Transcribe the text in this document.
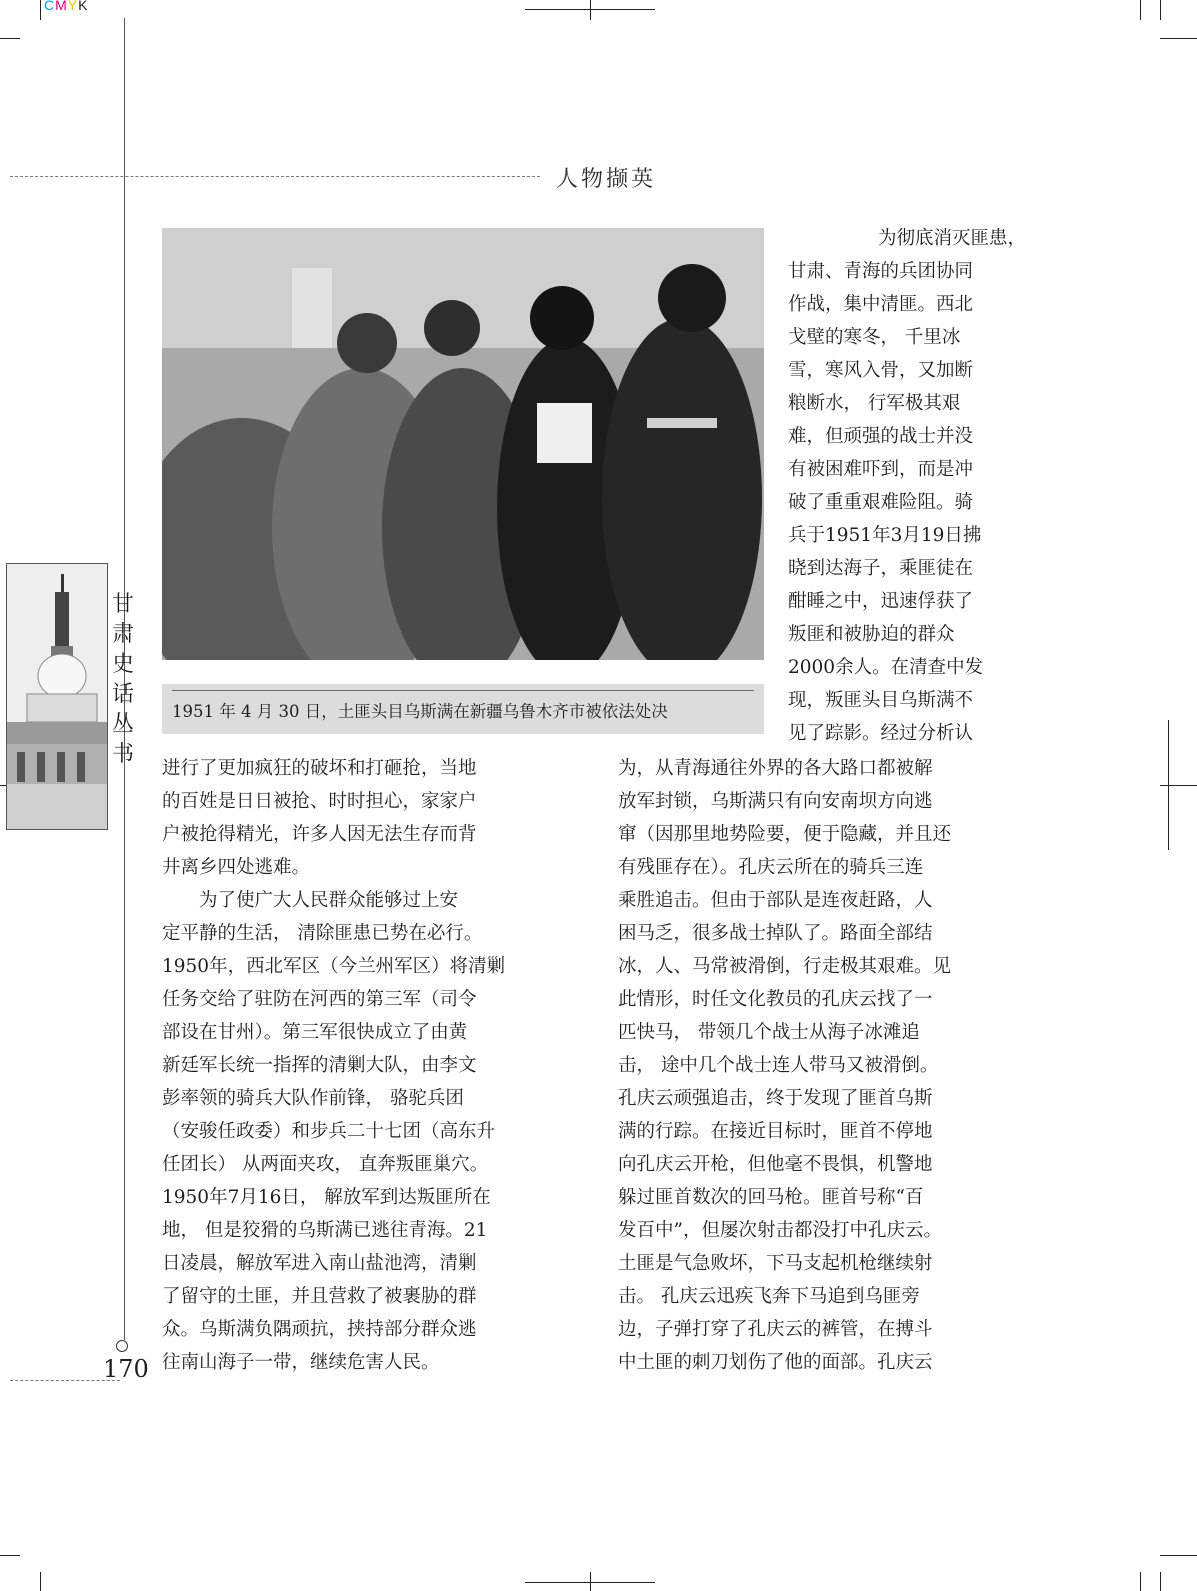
CMYK
人物撷英
1951 年 4 月 30 日，土匪头目乌斯满在新疆乌鲁木齐市被依法处决

为彻底消灭匪患，

甘肃、青海的兵团协同

作战，集中清匪。西北

戈壁的寒冬， 千里冰

雪，寒风入骨，又加断

粮断水， 行军极其艰

难，但顽强的战士并没

有被困难吓到，而是冲

破了重重艰难险阻。骑

兵于1951年3月19日拂

晓到达海子，乘匪徒在

酣睡之中，迅速俘获了

叛匪和被胁迫的群众

2000余人。在清查中发

现，叛匪头目乌斯满不

见了踪影。经过分析认

进行了更加疯狂的破坏和打砸抢，当地

的百姓是日日被抢、时时担心，家家户

户被抢得精光，许多人因无法生存而背

井离乡四处逃难。

　　为了使广大人民群众能够过上安

定平静的生活， 清除匪患已势在必行。

1950年，西北军区（今兰州军区）将清剿

任务交给了驻防在河西的第三军（司令

部设在甘州）。第三军很快成立了由黄

新廷军长统一指挥的清剿大队，由李文

彭率领的骑兵大队作前锋， 骆驼兵团

（安骏任政委）和步兵二十七团（高东升

任团长） 从两面夹攻， 直奔叛匪巢穴。

1950年7月16日， 解放军到达叛匪所在

地， 但是狡猾的乌斯满已逃往青海。21

日凌晨，解放军进入南山盐池湾，清剿

了留守的土匪，并且营救了被裹胁的群

众。乌斯满负隅顽抗，挟持部分群众逃

往南山海子一带，继续危害人民。

为，从青海通往外界的各大路口都被解

放军封锁，乌斯满只有向安南坝方向逃

窜（因那里地势险要，便于隐藏，并且还

有残匪存在）。孔庆云所在的骑兵三连

乘胜追击。但由于部队是连夜赶路，人

困马乏，很多战士掉队了。路面全部结

冰，人、马常被滑倒，行走极其艰难。见

此情形，时任文化教员的孔庆云找了一

匹快马， 带领几个战士从海子冰滩追

击， 途中几个战士连人带马又被滑倒。

孔庆云顽强追击，终于发现了匪首乌斯

满的行踪。在接近目标时，匪首不停地

向孔庆云开枪，但他毫不畏惧，机警地

躲过匪首数次的回马枪。匪首号称“百

发百中”，但屡次射击都没打中孔庆云。

土匪是气急败坏，下马支起机枪继续射

击。 孔庆云迅疾飞奔下马追到乌匪旁

边，子弹打穿了孔庆云的裤管，在搏斗

中土匪的刺刀划伤了他的面部。孔庆云

甘
肃
史
话
丛
书
170
